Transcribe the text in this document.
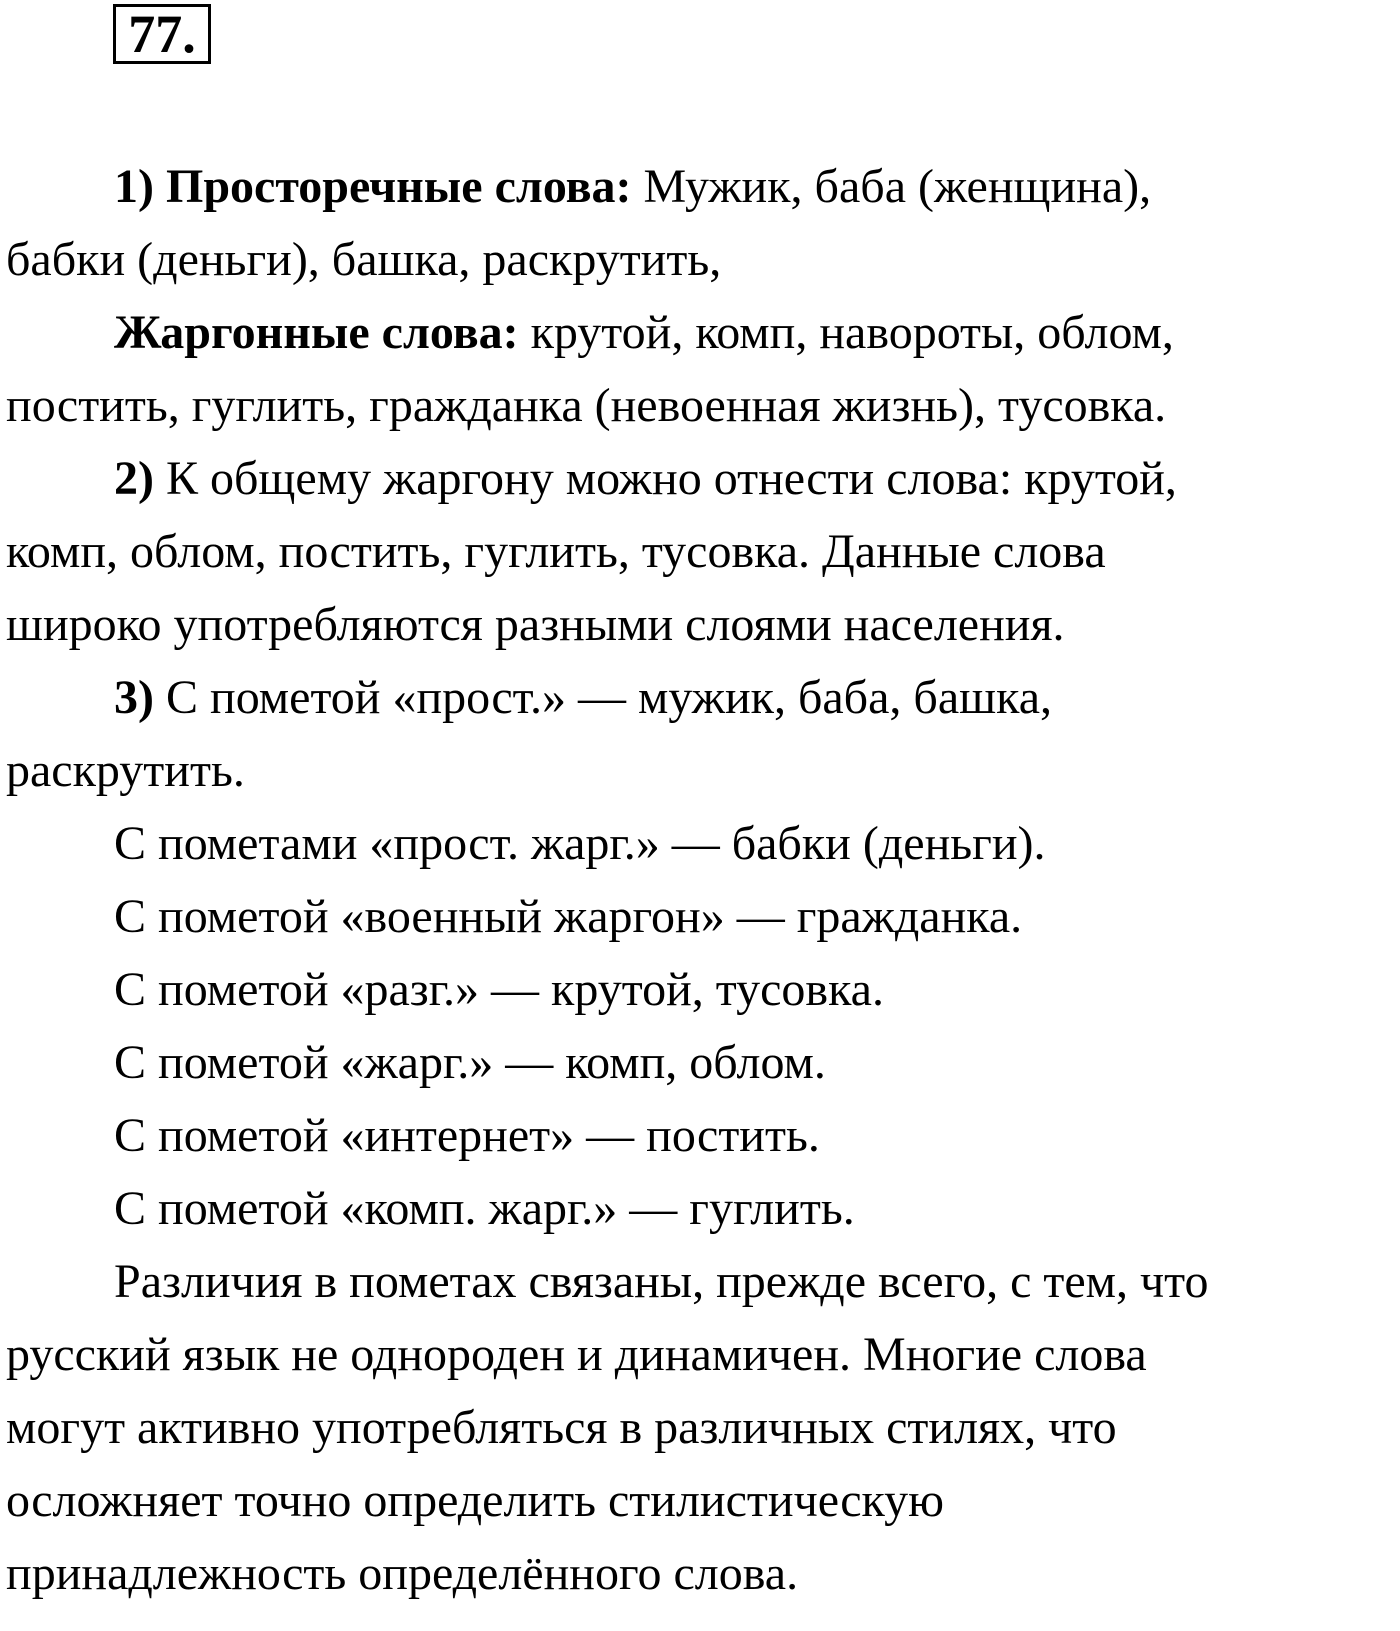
77.
1) Просторечные слова: Мужик, баба (женщина),
бабки (деньги), башка, раскрутить,
Жаргонные слова: крутой, комп, навороты, облом,
постить, гуглить, гражданка (невоенная жизнь), тусовка.
2) К общему жаргону можно отнести слова: крутой,
комп, облом, постить, гуглить, тусовка. Данные слова
широко употребляются разными слоями населения.
3) С пометой «прост.» — мужик, баба, башка,
раскрутить.
С пометами «прост. жарг.» — бабки (деньги).
С пометой «военный жаргон» — гражданка.
С пометой «разг.» — крутой, тусовка.
С пометой «жарг.» — комп, облом.
С пометой «интернет» — постить.
С пометой «комп. жарг.» — гуглить.
Различия в пометах связаны, прежде всего, с тем, что
русский язык не однороден и динамичен. Многие слова
могут активно употребляться в различных стилях, что
осложняет точно определить стилистическую
принадлежность определённого слова.
